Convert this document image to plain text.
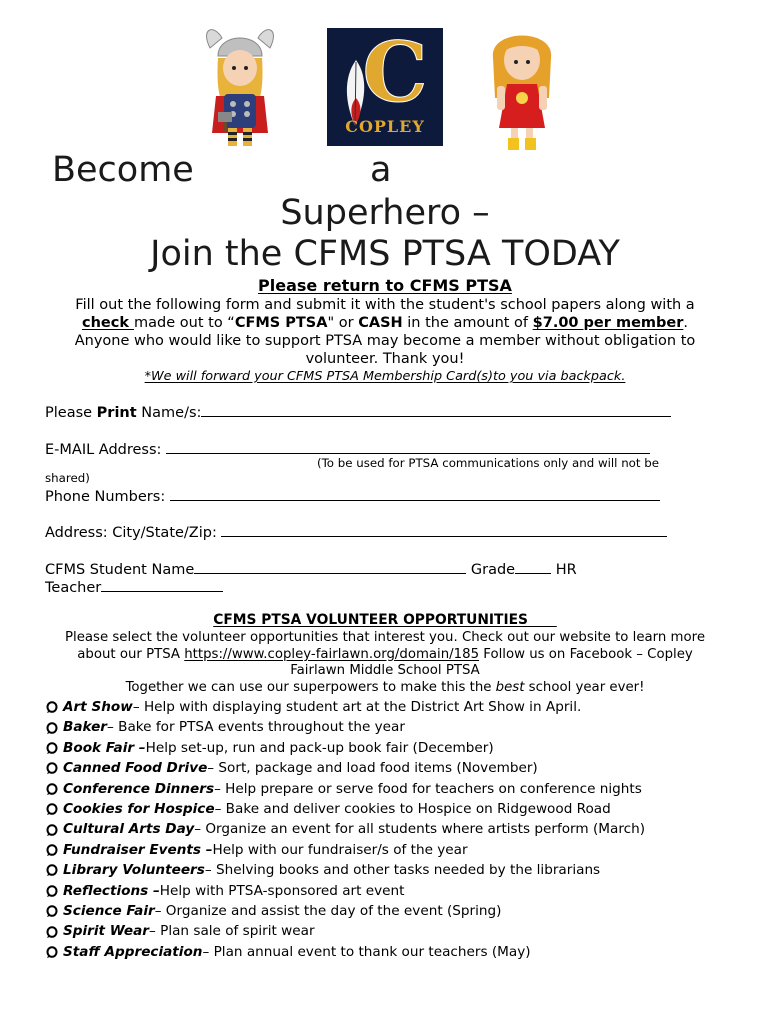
C
COPLEY
Become	a
Superhero –
Join the CFMS PTSA TODAY
Please return to CFMS PTSA
Fill out the following form and submit it with the student's school papers along with a
check made out to “CFMS PTSA" or CASH in the amount of $7.00 per member.
Anyone who would like to support PTSA may become a member without obligation to volunteer. Thank you!
*We will forward your CFMS PTSA Membership Card(s)to you via backpack.
Please Print Name/s:
E-MAIL Address:
(To be used for PTSA communications only and will not be
shared)
Phone Numbers:
Address: City/State/Zip:
CFMS Student Name	Grade HR
Teacher
CFMS PTSA VOLUNTEER OPPORTUNITIES
Please select the volunteer opportunities that interest you. Check out our website to learn more
about our PTSA https://www.copley-fairlawn.org/domain/185 Follow us on Facebook – Copley
Fairlawn Middle School PTSA
Together we can use our superpowers to make this the best school year ever!
Art Show – Help with displaying student art at the District Art Show in April.
Baker – Bake for PTSA events throughout the year
Book Fair – Help set-up, run and pack-up book fair (December)
Canned Food Drive – Sort, package and load food items (November)
Conference Dinners – Help prepare or serve food for teachers on conference nights
Cookies for Hospice – Bake and deliver cookies to Hospice on Ridgewood Road
Cultural Arts Day – Organize an event for all students where artists perform (March)
Fundraiser Events – Help with our fundraiser/s of the year
Library Volunteers – Shelving books and other tasks needed by the librarians
Reflections – Help with PTSA-sponsored art event
Science Fair – Organize and assist the day of the event (Spring)
Spirit Wear – Plan sale of spirit wear
Staff Appreciation – Plan annual event to thank our teachers (May)
